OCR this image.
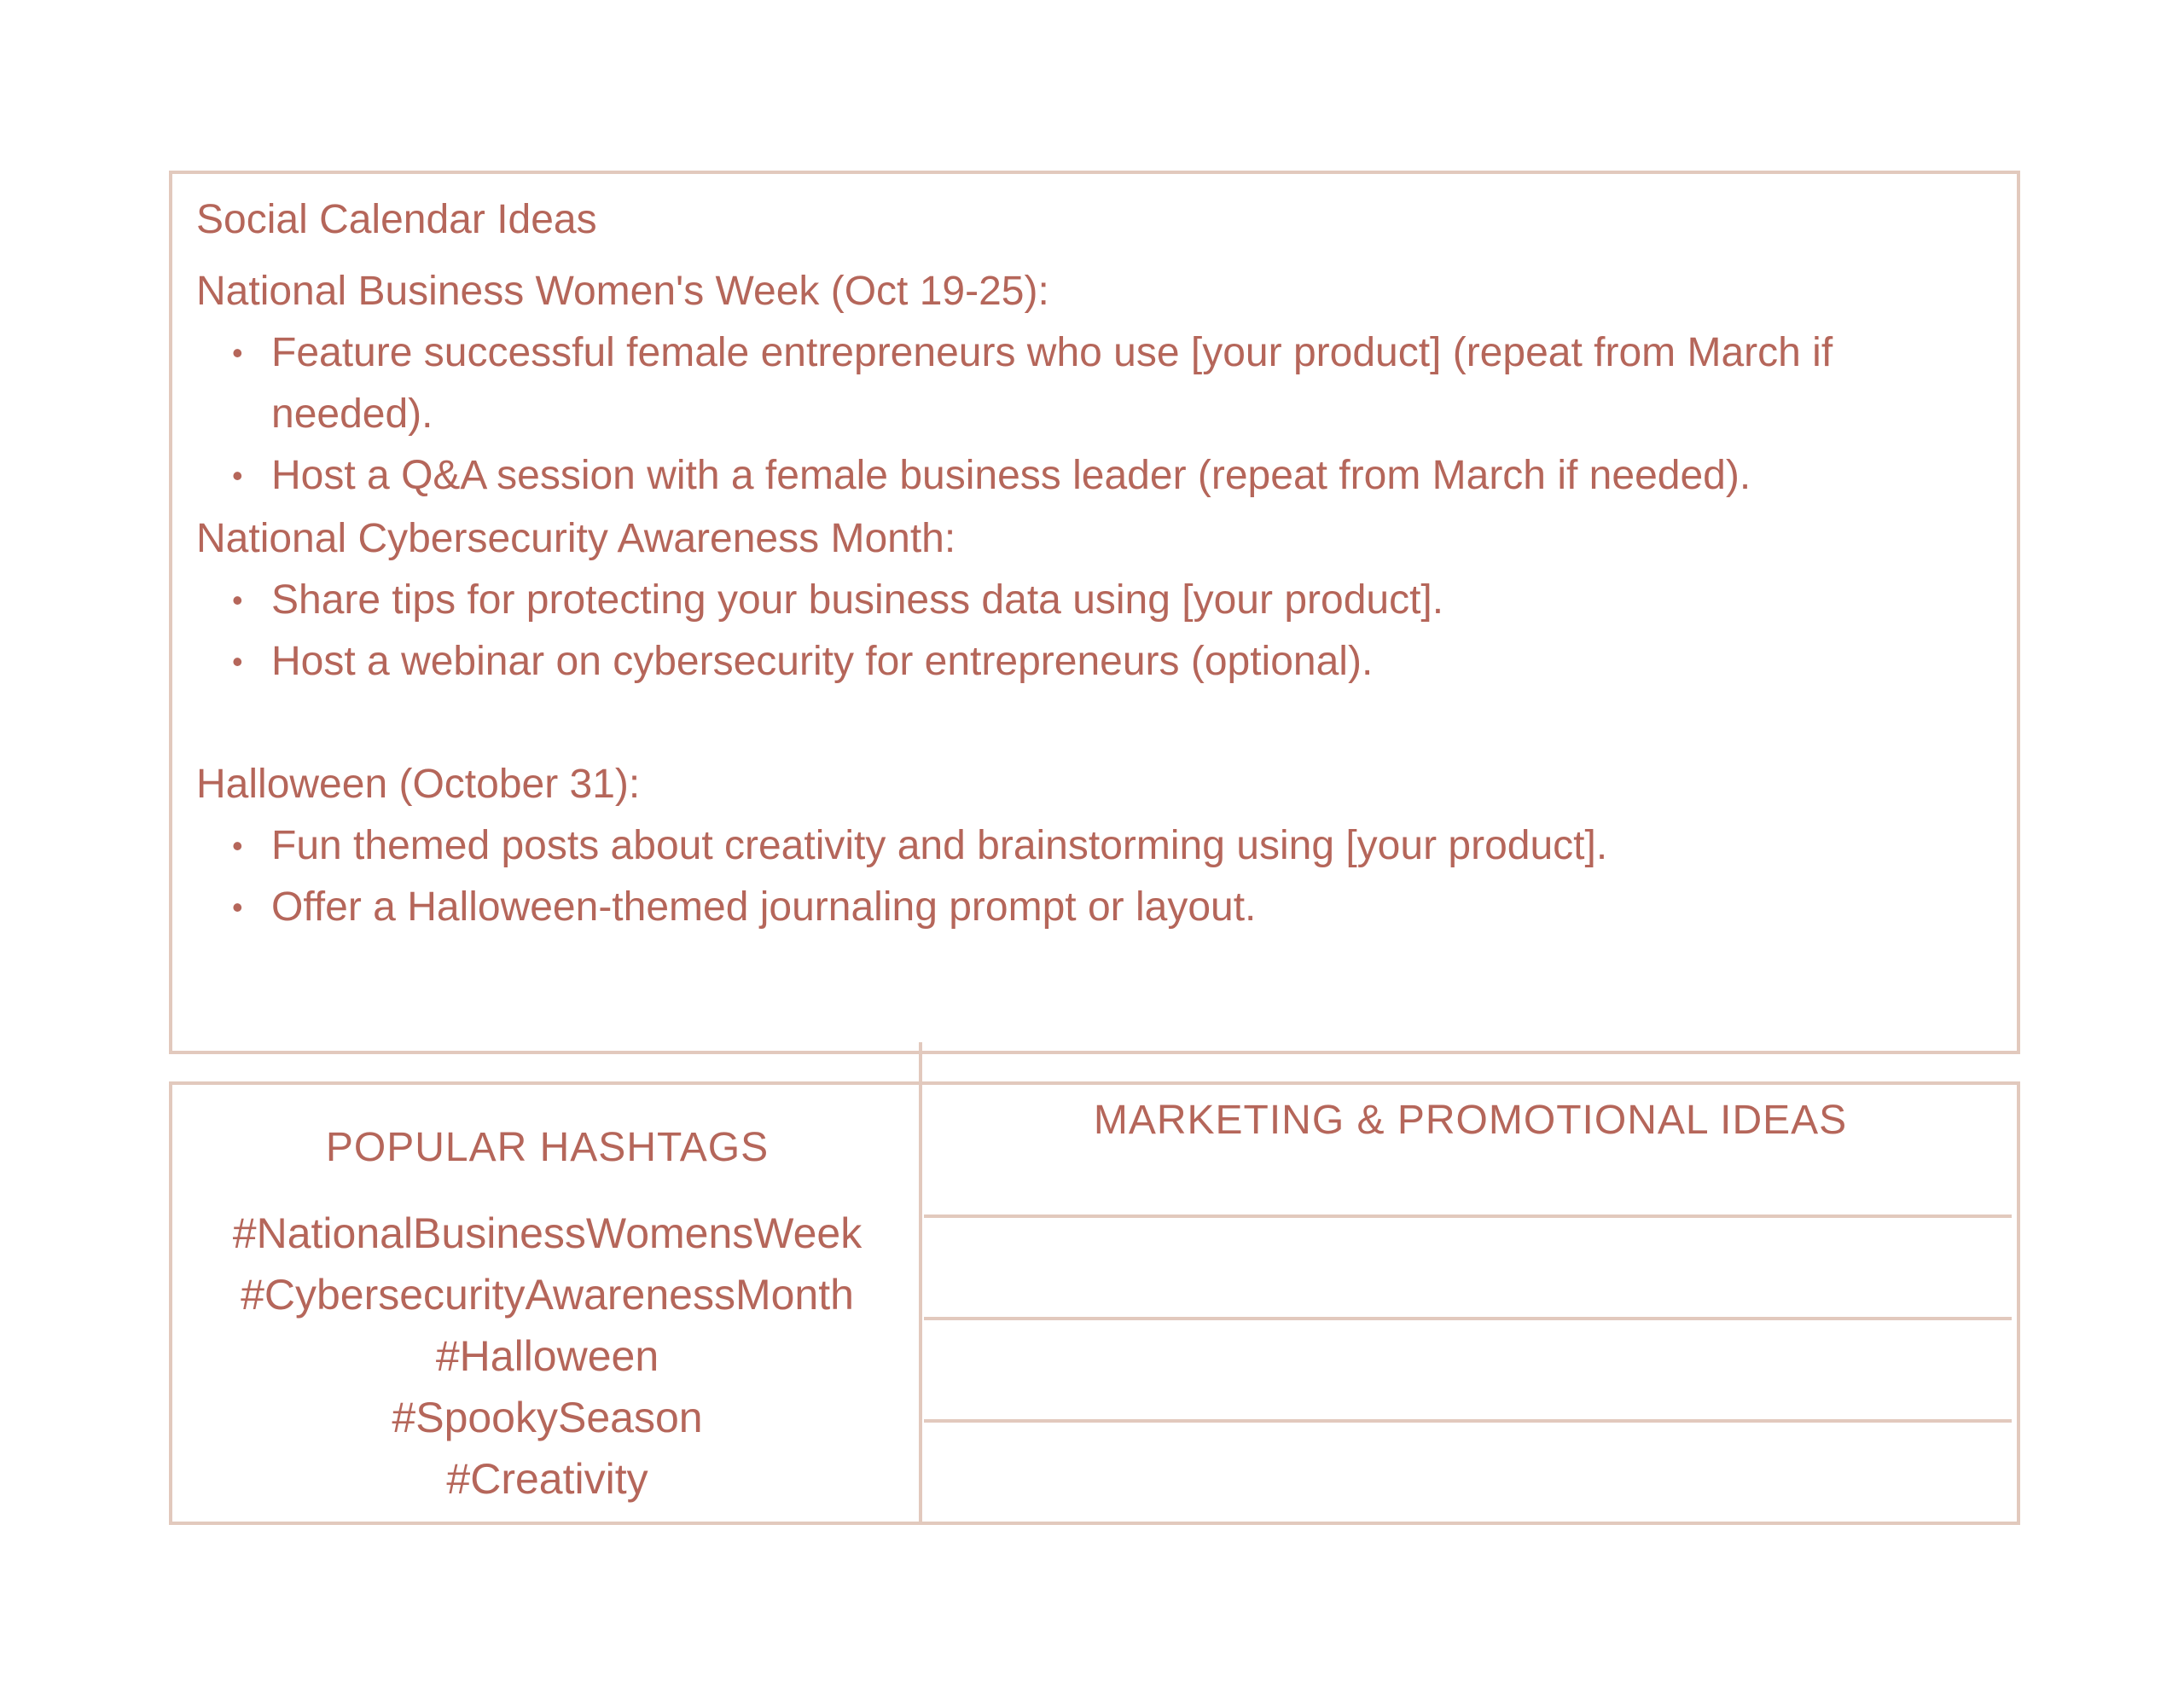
Social Calendar Ideas
National Business Women's Week (Oct 19-25):
• Feature successful female entrepreneurs who use [your product] (repeat from March if needed).
• Host a Q&A session with a female business leader (repeat from March if needed).
National Cybersecurity Awareness Month:
• Share tips for protecting your business data using [your product].
• Host a webinar on cybersecurity for entrepreneurs (optional).
Halloween (October 31):
• Fun themed posts about creativity and brainstorming using [your product].
• Offer a Halloween-themed journaling prompt or layout.
POPULAR HASHTAGS
#NationalBusinessWomensWeek
#CybersecurityAwarenessMonth
#Halloween
#SpookySeason
#Creativity
MARKETING & PROMOTIONAL IDEAS
